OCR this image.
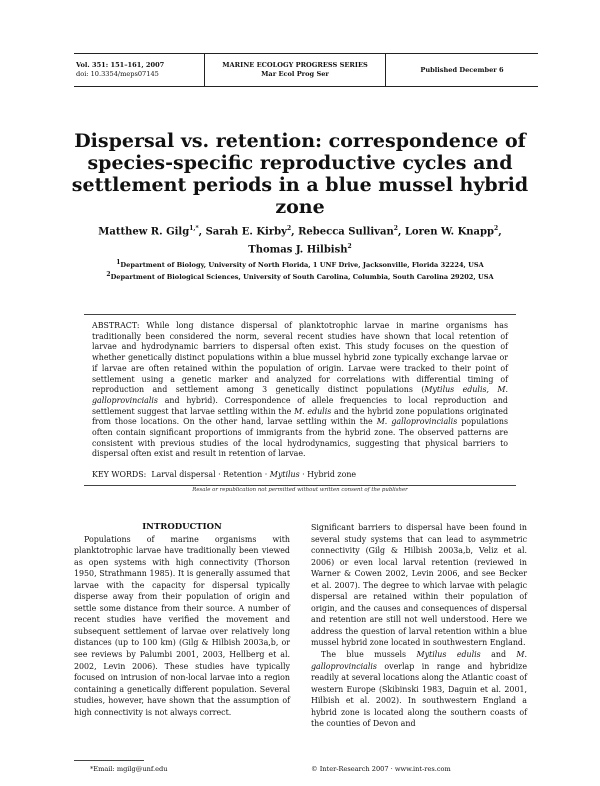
Vol. 351: 151–161, 2007
doi: 10.3354/meps07145
MARINE ECOLOGY PROGRESS SERIES
Mar Ecol Prog Ser
Published December 6
Dispersal vs. retention: correspondence of species-specific reproductive cycles and settlement periods in a blue mussel hybrid zone
Matthew R. Gilg$^{1,*}$, Sarah E. Kirby$^2$, Rebecca Sullivan$^2$, Loren W. Knapp$^2$,
Thomas J. Hilbish$^2$
$^1$Department of Biology, University of North Florida, 1 UNF Drive, Jacksonville, Florida 32224, USA
$^2$Department of Biological Sciences, University of South Carolina, Columbia, South Carolina 29202, USA

ABSTRACT: While long distance dispersal of planktotrophic larvae in marine organisms has traditionally been considered the norm, several recent studies have shown that local retention of larvae and hydrodynamic barriers to dispersal often exist. This study focuses on the question of whether genetically distinct populations within a blue mussel hybrid zone typically exchange larvae or if larvae are often retained within the population of origin. Larvae were tracked to their point of settlement using a genetic marker and analyzed for correlations with differential timing of reproduction and settlement among 3 genetically distinct populations (Mytilus edulis, M. galloprovincialis and hybrid). Correspondence of allele frequencies to local reproduction and settlement suggest that larvae settling within the M. edulis and the hybrid zone populations originated from those locations. On the other hand, larvae settling within the M. galloprovincialis populations often contain significant proportions of immigrants from the hybrid zone. The observed patterns are consistent with previous studies of the local hydrodynamics, suggesting that physical barriers to dispersal often exist and result in retention of larvae.

KEY WORDS: Larval dispersal · Retention · Mytilus · Hybrid zone
Resale or republication not permitted without written consent of the publisher

INTRODUCTION

Populations of marine organisms with planktotrophic larvae have traditionally been viewed as open systems with high connectivity (Thorson 1950, Strathmann 1985). It is generally assumed that larvae with the capacity for dispersal typically disperse away from their population of origin and settle some distance from their source. A number of recent studies have verified the movement and subsequent settlement of larvae over relatively long distances (up to 100 km) (Gilg & Hilbish 2003a,b, or see reviews by Palumbi 2001, 2003, Hellberg et al. 2002, Levin 2006). These studies have typically focused on intrusion of non-local larvae into a region containing a genetically different population. Several studies, however, have shown that the assumption of high connectivity is not always correct.

Significant barriers to dispersal have been found in several study systems that can lead to asymmetric connectivity (Gilg & Hilbish 2003a,b, Veliz et al. 2006) or even local larval retention (reviewed in Warner & Cowen 2002, Levin 2006, and see Becker et al. 2007). The degree to which larvae with pelagic dispersal are retained within their population of origin, and the causes and consequences of dispersal and retention are still not well understood. Here we address the question of larval retention within a blue mussel hybrid zone located in southwestern England.

The blue mussels Mytilus edulis and M. galloprovincialis overlap in range and hybridize readily at several locations along the Atlantic coast of western Europe (Skibinski 1983, Daguin et al. 2001, Hilbish et al. 2002). In southwestern England a hybrid zone is located along the southern coasts of the counties of Devon and

*Email: mgilg@unf.edu	© Inter-Research 2007 · www.int-res.com
